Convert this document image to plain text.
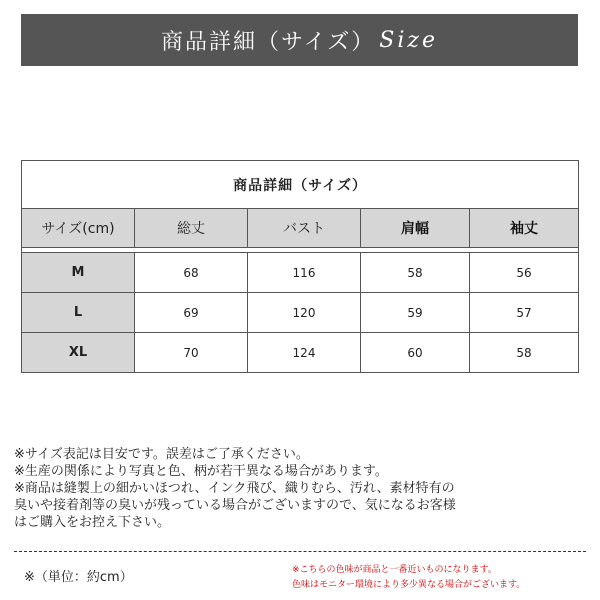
商品詳細（サイズ） Size
商品詳細（サイズ）				
サイズ(cm)	総丈	バスト	肩幅	袖丈

M	68	116	58	56
L	69	120	59	57
XL	70	124	60	58
※サイズ表記は目安です。誤差はご了承ください。
※生産の関係により写真と色、柄が若干異なる場合があります。
※商品は縫製上の細かいほつれ、インク飛び、織りむら、汚れ、素材特有の
臭いや接着剤等の臭いが残っている場合がございますので、気になるお客様
はご購入をお控え下さい。
※（単位：約cm）	※こちらの色味が商品と一番近いものになります。
色味はモニター環境により多少異なる場合がございます。
